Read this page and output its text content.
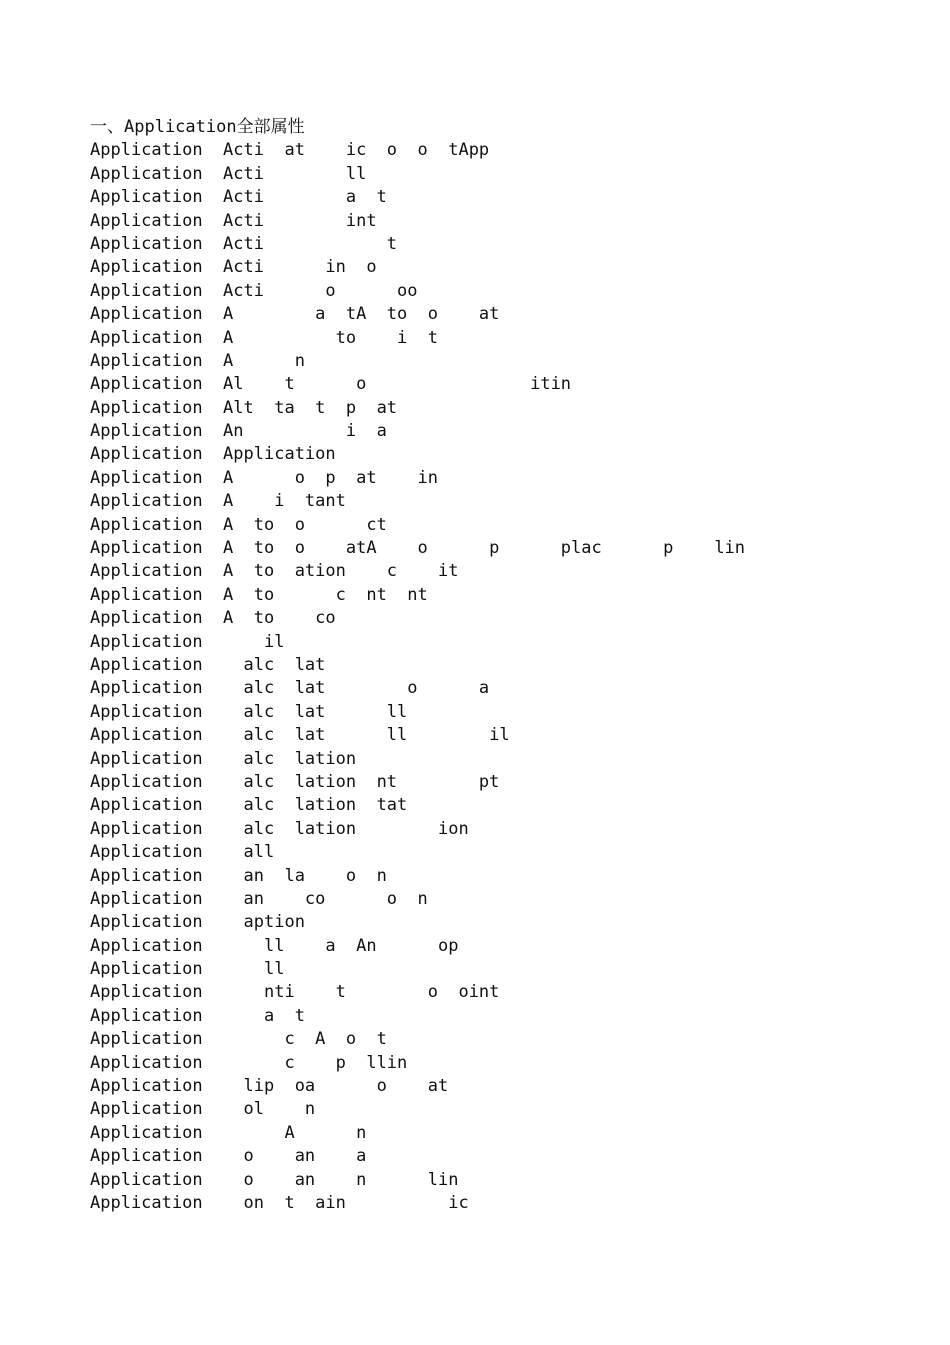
一、Application全部属性
Application  Acti  at    ic  o  o  tApp
Application  Acti        ll
Application  Acti        a  t
Application  Acti        int
Application  Acti            t
Application  Acti      in  o
Application  Acti      o      oo
Application  A        a  tA  to  o    at
Application  A          to    i  t
Application  A      n
Application  Al    t      o                itin
Application  Alt  ta  t  p  at
Application  An          i  a
Application  Application
Application  A      o  p  at    in
Application  A    i  tant
Application  A  to  o      ct
Application  A  to  o    atA    o      p      plac      p    lin
Application  A  to  ation    c    it
Application  A  to      c  nt  nt
Application  A  to    co
Application      il
Application    alc  lat
Application    alc  lat        o      a
Application    alc  lat      ll
Application    alc  lat      ll        il
Application    alc  lation
Application    alc  lation  nt        pt
Application    alc  lation  tat
Application    alc  lation        ion
Application    all
Application    an  la    o  n
Application    an    co      o  n
Application    aption
Application      ll    a  An      op
Application      ll
Application      nti    t        o  oint
Application      a  t
Application        c  A  o  t
Application        c    p  llin
Application    lip  oa      o    at
Application    ol    n
Application        A      n
Application    o    an    a
Application    o    an    n      lin
Application    on  t  ain          ic
